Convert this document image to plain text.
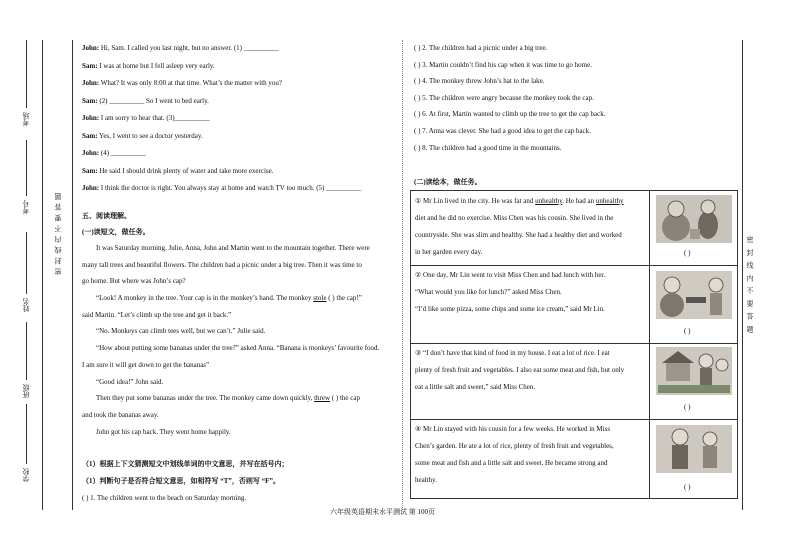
考场
考号
姓名
班级
学校
密 封 线 内 不 要 答 题
密 封 线 内 不 要 答 题
John: Hi, Sam. I called you last night, but no answer. (1) __________
Sam: I was at home but I fell asleep very early.
John: What? It was only 8:00 at that time. What’s the matter with you?
Sam: (2) __________ So I went to bed early.
John: I am sorry to hear that. (3)__________
Sam: Yes, I went to see a doctor yesterday.
John: (4) __________
Sam: He said I should drink plenty of water and take more exercise.
John: I think the doctor is right. You always stay at home and watch TV too much. (5) __________
五、阅读理解。
(一)读短文，做任务。
It was Saturday morning. Julie, Anna, John and Martin went to the mountain together. There were
many tall trees and beautiful flowers. The children had a picnic under a big tree. Then it was time to
go home. But where was John’s cap?
“Look! A monkey in the tree. Your cap is in the monkey’s hand. The monkey stole ( ) the cap!”
said Martin. “Let’s climb up the tree and get it back.”
“No. Monkeys can climb tees well, but we can’t.” Julie said.
“How about putting some bananas under the tree?” asked Anna. “Banana is monkeys’ favourite food.
I am sure it will get down to get the bananas”
“Good idea!” John said.
Then they put some bananas under the tree. The monkey came down quickly, threw ( ) the cap
and took the bananas away.
John got his cap back. They went home happily.
（1）根据上下文猜测短文中划线单词的中文意思，并写在括号内；
（1）判断句子是否符合短文意思，如相符写 “T”，否则写 “F”。
( ) 1. The children went to the beach on Saturday morning.
( ) 2. The children had a picnic under a big tree.
( ) 3. Martin couldn’t find his cap when it was time to go home.
( ) 4. The monkey threw John’s hat to the lake.
( ) 5. The children were angry because the monkey took the cap.
( ) 6. At first, Martin wanted to climb up the tree to get the cap back.
( ) 7. Anna was clever. She had a good idea to get the cap back.
( ) 8. The children had a good time in the mountains.
(二)读绘本，做任务。
① Mr Lin lived in the city. He was fat and unhealthy. He had an unhealthy
diet and he did no exercise. Miss Chen was his cousin. She lived in the
countryside. She was slim and healthy. She had a healthy diet and worked
in her garden every day.	( )
② One day, Mr Lin went to visit Miss Chen and had lunch with her.
“What would you like for lunch?” asked Miss Chen.
“I’d like some pizza, some chips and some ice cream,” said Mr Lin.
( )
③ “I don’t have that kind of food in my house. I eat a lot of rice. I eat
plenty of fresh fruit and vegetables. I also eat some meat and fish, but only
eat a little salt and sweet,” said Miss Chen.
( )
④ Mr Lin stayed with his cousin for a few weeks. He worked in Miss
Chen’s garden. He ate a lot of rice, plenty of fresh fruit and vegetables,
some meat and fish and a little salt and sweet. He became strong and
healthy.
( )
六年级英语期末水平测试 第 100页
